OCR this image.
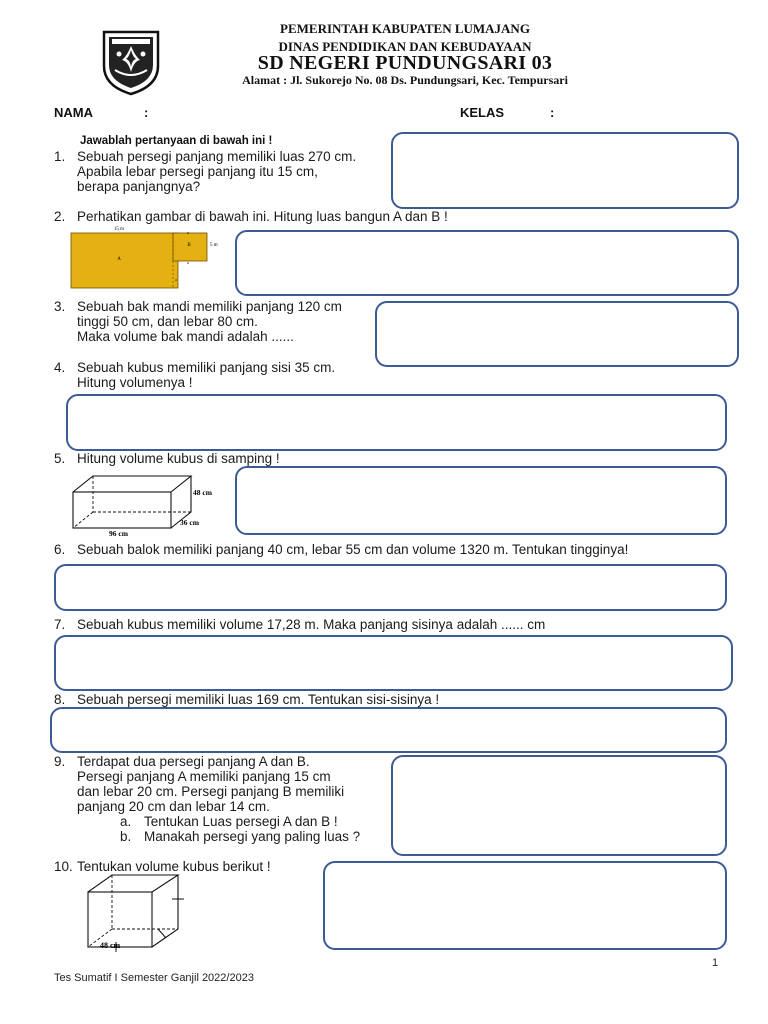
PEMERINTAH KABUPATEN LUMAJANG
DINAS PENDIDIKAN DAN KEBUDAYAAN
SD NEGERI PUNDUNGSARI 03
Alamat : Jl. Sukorejo No. 08 Ds. Pundungsari, Kec. Tempursari
NAMA	:	KELAS	:
Jawablah pertanyaan di bawah ini !
1. Sebuah persegi panjang memiliki luas 270 cm.
Apabila lebar persegi panjang itu 15 cm,
berapa panjangnya?
2. Perhatikan gambar di bawah ini. Hitung luas bangun A dan B !
15 m
A
B	5 m
a
a
a
3. Sebuah bak mandi memiliki panjang 120 cm
tinggi 50 cm, dan lebar 80 cm.
Maka volume bak mandi adalah ......
4. Sebuah kubus memiliki panjang sisi 35 cm.
Hitung volumenya !
5. Hitung volume kubus di samping !
48 cm
36 cm
96 cm
6. Sebuah balok memiliki panjang 40 cm, lebar 55 cm dan volume 1320 m. Tentukan tingginya!
7. Sebuah kubus memiliki volume 17,28 m. Maka panjang sisinya adalah ...... cm
8. Sebuah persegi memiliki luas 169 cm. Tentukan sisi-sisinya !
9. Terdapat dua persegi panjang A dan B.
Persegi panjang A memiliki panjang 15 cm
dan lebar 20 cm. Persegi panjang B memiliki
panjang 20 cm dan lebar 14 cm.
a. Tentukan Luas persegi A dan B !
b. Manakah persegi yang paling luas ?
10. Tentukan volume kubus berikut !
48 cm
1
Tes Sumatif I Semester Ganjil 2022/2023
